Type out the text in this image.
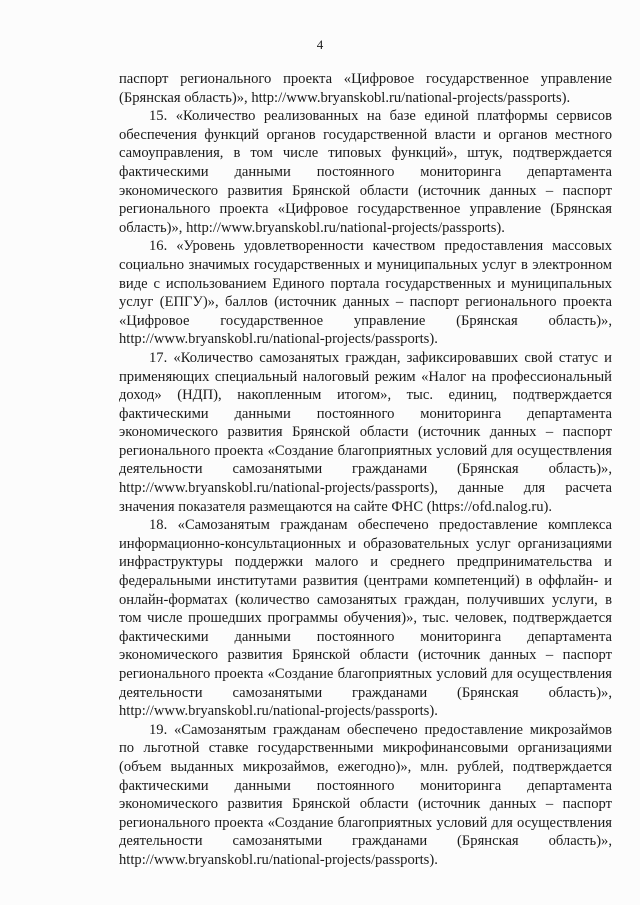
4

паспорт регионального проекта «Цифровое государственное управление (Брянская область)», http://www.bryanskobl.ru/national-projects/passports).

15. «Количество реализованных на базе единой платформы сервисов обеспечения функций органов государственной власти и органов местного самоуправления, в том числе типовых функций», штук, подтверждается фактическими данными постоянного мониторинга департамента экономического развития Брянской области (источник данных – паспорт регионального проекта «Цифровое государственное управление (Брянская область)», http://www.bryanskobl.ru/national-projects/passports).

16. «Уровень удовлетворенности качеством предоставления массовых социально значимых государственных и муниципальных услуг в электронном виде с использованием Единого портала государственных и муниципальных услуг (ЕПГУ)», баллов (источник данных – паспорт регионального проекта «Цифровое государственное управление (Брянская область)», http://www.bryanskobl.ru/national-projects/passports).

17. «Количество самозанятых граждан, зафиксировавших свой статус и применяющих специальный налоговый режим «Налог на профессиональный доход» (НДП), накопленным итогом», тыс. единиц, подтверждается фактическими данными постоянного мониторинга департамента экономического развития Брянской области (источник данных – паспорт регионального проекта «Создание благоприятных условий для осуществления деятельности самозанятыми гражданами (Брянская область)», http://www.bryanskobl.ru/national-projects/passports), данные для расчета значения показателя размещаются на сайте ФНС (https://ofd.nalog.ru).

18. «Самозанятым гражданам обеспечено предоставление комплекса информационно-консультационных и образовательных услуг организациями инфраструктуры поддержки малого и среднего предпринимательства и федеральными институтами развития (центрами компетенций) в оффлайн- и онлайн-форматах (количество самозанятых граждан, получивших услуги, в том числе прошедших программы обучения)», тыс. человек, подтверждается фактическими данными постоянного мониторинга департамента экономического развития Брянской области (источник данных – паспорт регионального проекта «Создание благоприятных условий для осуществления деятельности самозанятыми гражданами (Брянская область)», http://www.bryanskobl.ru/national-projects/passports).

19. «Самозанятым гражданам обеспечено предоставление микрозаймов по льготной ставке государственными микрофинансовыми организациями (объем выданных микрозаймов, ежегодно)», млн. рублей, подтверждается фактическими данными постоянного мониторинга департамента экономического развития Брянской области (источник данных – паспорт регионального проекта «Создание благоприятных условий для осуществления деятельности самозанятыми гражданами (Брянская область)», http://www.bryanskobl.ru/national-projects/passports).
